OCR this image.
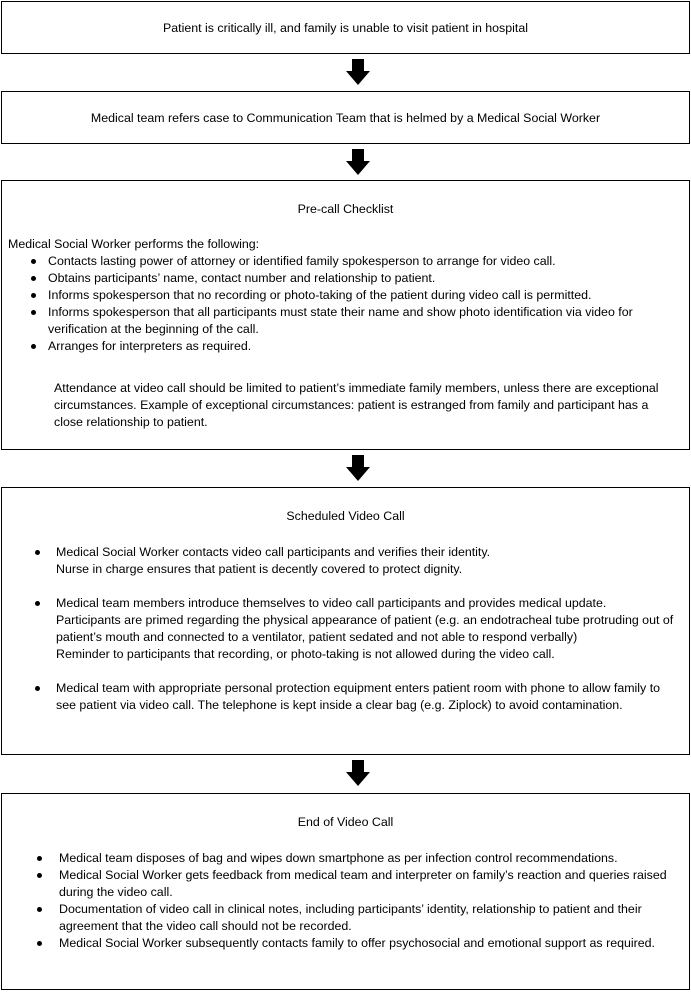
Patient is critically ill, and family is unable to visit patient in hospital
Medical team refers case to Communication Team that is helmed by a Medical Social Worker
Pre-call Checklist
Medical Social Worker performs the following:
Contacts lasting power of attorney or identified family spokesperson to arrange for video call.
Obtains participants’ name, contact number and relationship to patient.
Informs spokesperson that no recording or photo-taking of the patient during video call is permitted.
Informs spokesperson that all participants must state their name and show photo identification via video for verification at the beginning of the call.
Arranges for interpreters as required.
Attendance at video call should be limited to patient’s immediate family members, unless there are exceptional circumstances. Example of exceptional circumstances: patient is estranged from family and participant has a close relationship to patient.
Scheduled Video Call
Medical Social Worker contacts video call participants and verifies their identity.
Nurse in charge ensures that patient is decently covered to protect dignity.
Medical team members introduce themselves to video call participants and provides medical update.
Participants are primed regarding the physical appearance of patient (e.g. an endotracheal tube protruding out of patient’s mouth and connected to a ventilator, patient sedated and not able to respond verbally)
Reminder to participants that recording, or photo-taking is not allowed during the video call.
Medical team with appropriate personal protection equipment enters patient room with phone to allow family to see patient via video call. The telephone is kept inside a clear bag (e.g. Ziplock) to avoid contamination.
End of Video Call
Medical team disposes of bag and wipes down smartphone as per infection control recommendations.
Medical Social Worker gets feedback from medical team and interpreter on family’s reaction and queries raised during the video call.
Documentation of video call in clinical notes, including participants’ identity, relationship to patient and their agreement that the video call should not be recorded.
Medical Social Worker subsequently contacts family to offer psychosocial and emotional support as required.
